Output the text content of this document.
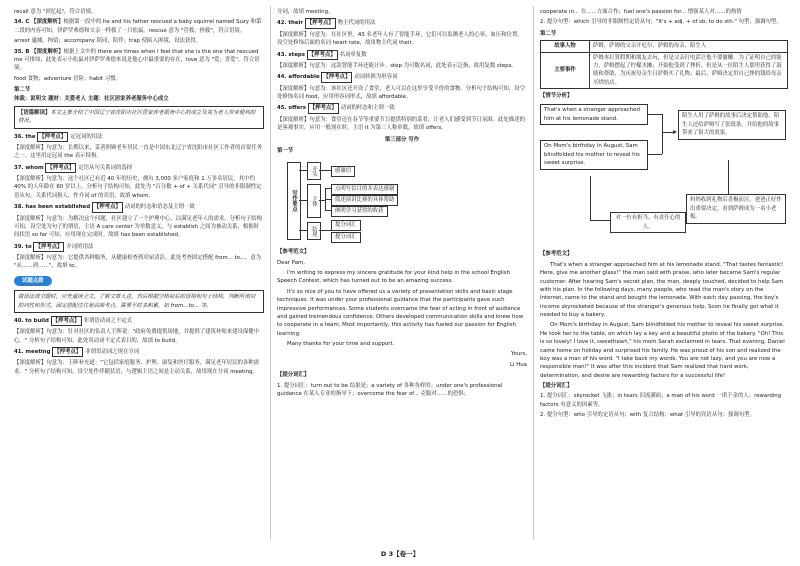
recall 意为 "回忆起"，符合语境。

34. C 【深度解析】根据第一段中的 he and his father rescued a baby squirrel named Suzy 和第二段的内容可知，伊萨罗弗德和父亲一样救了一只松鼠。rescue 意为 "营救，拯救"，符合语境。

arrest 逮捕，拘留；accompany 陪同，陪伴；trap 使陷入困境，设法获得。

35. B 【深度解析】根据上文中的 there are times when I feel that she is the one that rescued me 可推知，此处表示小松鼠对伊萨罗弗德来说是他心中最重要的存在，love 意为 "爱；喜爱"，符合语境。

food 食物；adventure 冒险；habit 习惯。

第二节

体裁：说明文 题材：关爱老人 主题：社区居家养老服务中心成立

【语篇解读】本文主要介绍了中国辽宁省沈阳市社区居家养老服务中心的成立及其为老人带来便利的情况。

36. the 【押考点】 定冠词的用法

【深度解析】句意为：长期以来，妥善照顾老年居民一直是中国东北辽宁省沈阳市社区工作者的首要任务之一。这里用定冠词 the 表示特指。

37. whom 【押考点】 定语从句关系词的选择

【深度解析】句意为：这个社区已有近 40 年的历史，拥有 3,000 多户家庭和 1 万多名居民，其中约 40% 的人年龄在 60 岁以上。分析句子结构可知，此处为 "百分数 + of + 关系代词" 引导的非限制性定语从句，关系代词指人，作介词 of 的宾语，故填 whom。

38. has been established 【押考点】 动词的时态和语态及主谓一致

【深度解析】句意为：为解决这个问题，社区建立了一个护理中心，以满足老年人的需求。分析句子结构可知，设空处为句子的谓语，主语 A care center 为单数意义，与 establish 之间为被动关系，根据时间状语 so far 可知，应用现在完成时。故填 has been established。

39. to 【押考点】 介词的用法

【深度解析】句意为：它提供各种服务，从健康检查到房屋清洁。此处考查固定搭配 from... to...，意为 "从……到……"，故填 to。

试题点拨
做语法填空题时，应先通读全文，了解文章大意，然后根据空格前后的语境和句子结构，判断所填词的词性和形式。固定搭配往往是高频考点，需要平时多积累，如 from...to... 等。

40. to build 【押考点】 非谓语动词之不定式

【深度解析】句意为：针对社区的负责人王晖说："政府免费提供场地，并提供了建筑补贴来建设保健中心。" 分析句子结构可知，此处用动词不定式表目的，故填 to build。

41. meeting 【押考点】 非谓语动词之现在分词

【深度解析】句意为：王晖补充道："它包括家庭服务、护理、康复和医疗服务，满足老年居民的各种需求。" 分析句子结构可知，设空处作伴随状语，与逻辑主语之间是主动关系，故用现在分词 meeting。

分词，故填 meeting。

42. their 【押考点】 物主代词的用法

【深度解析】句意为：在社区里，43 名老年人有了智能手环，它们可以监测老人的心率、血压和位置。设空处修饰后面的名词 heart rate，故用物主代词 their。

43. steps 【押考点】 名词单复数

【深度解析】句意为：这款智能手环还能计步。step 为可数名词，此处表示泛指，故用复数 steps。

44. affordable 【押考点】 动词转换为形容词

【深度解析】句意为：该社区还开设了食堂，老人可以在这里享受平价的食物。分析句子结构可知，设空处修饰名词 food，应用形容词形式，故填 affordable。

45. offers 【押考点】 动词的时态和主谓一致

【深度解析】句意为：食堂还在春节等重要节日提供特别的菜肴，让老人们感受到节日氛围。此处描述的是客观事实，应用一般现在时，主语 it 为第三人称单数，故填 offers。

第三部分 写作

第一节

写作要点
开头
主体
结尾
感谢信
点明写信目的并表达感谢
简述演讲比赛的具体帮助
阐明学习获得的收获
提分词汇
提分词汇

【参考范文】

Dear Pam,

I'm writing to express my sincere gratitude for your kind help in the school English Speech Contest, which has turned out to be an amazing success.

It's so nice of you to have offered us a variety of presentation skills and basic stage techniques. It was under your professional guidance that the participants gave such impressive performances. Some students overcame the fear of acting in front of audience and gained tremendous confidence. Others developed communication skills and knew how to cooperate in a team. Most importantly, this activity has fueled our passion for English learning.

Many thanks for your time and support.

Yours,

Li Hua

【提分词汇】

1. 提分词汇：turn out to be 结果是；a variety of 各种各样的；under one's professional guidance 在某人专业的指导下；overcome the fear of... 克服对……的恐惧；

cooperate in... 在……方面合作；fuel one's passion for... 增强某人对……的热情

2. 提分句型：which 引导的非限制性定语从句；"It's + adj. + of sb. to do sth." 句型；强调句型。

第二节

故事人物	萨姆、萨姆的父亲开尼尔、萨姆的母亲、陌生人
主要事件	萨姆本打算假期和朋友去玩，但是父亲打电话让他不要偷懒。为了证明自己的能力，萨姆摆起了柠檬水摊；开始他受到了挫折，但是从一位陌生人那里获得了鼓励和帮助，为庆祝母亲生日萨姆买了礼物；最后，萨姆决定用自己挣的钱给母亲买烘焙店。

【情节分析】

That's when a stranger approached him at his lemonade stand.
On Mom's birthday in August, Sam blindfolded his mother to reveal his sweet surprise.
陌生人用了萨姆的故事后决定帮助他，陌生人还给萨姆写了张纸条，并给他的故事带来了很大的效果。
对一位有担当、有责任心的人。
妈妈收到礼物后喜极而泣。爸爸正好作出重要决定，看到萨姆成为一名小老板。

【参考范文】

That's when a stranger approached him at his lemonade stand. "That tastes fantastic! Here, give me another glass!" the man said with praise, who later became Sam's regular customer. After hearing Sam's secret plan, the man, deeply touched, decided to help Sam with his plan. In the following days, many people, who read the man's story on the Internet, came to the stand and bought the lemonade. With each day passing, the boy's income skyrocketed because of the stranger's generous help. Soon he finally got what it needed to buy a bakery.

On Mom's birthday in August, Sam blindfolded his mother to reveal his sweet surprise. He took her to the table, on which lay a key and a beautiful photo of the bakery. "Oh! This is so lovely! I love it, sweetheart," his mom Sarah exclaimed in tears. That evening, Daniel came home on holiday and surprised his family. He was proud of his son and realized the boy was a man of his word. "I take back my words. You are not lazy, and you are now a responsible man!" It was after this incident that Sam realized that hard work, determination, and desire are rewarding factors for a successful life!

【提分词汇】

1. 提分词汇：skyrocket 飞涨；in tears 泪流满面；a man of his word 一诺千金的人；rewarding factors 有意义的因素等。

2. 提分句型：who 引导的定语从句；with 复合结构；what 引导的宾语从句；强调句型。

D 3【卷一】
